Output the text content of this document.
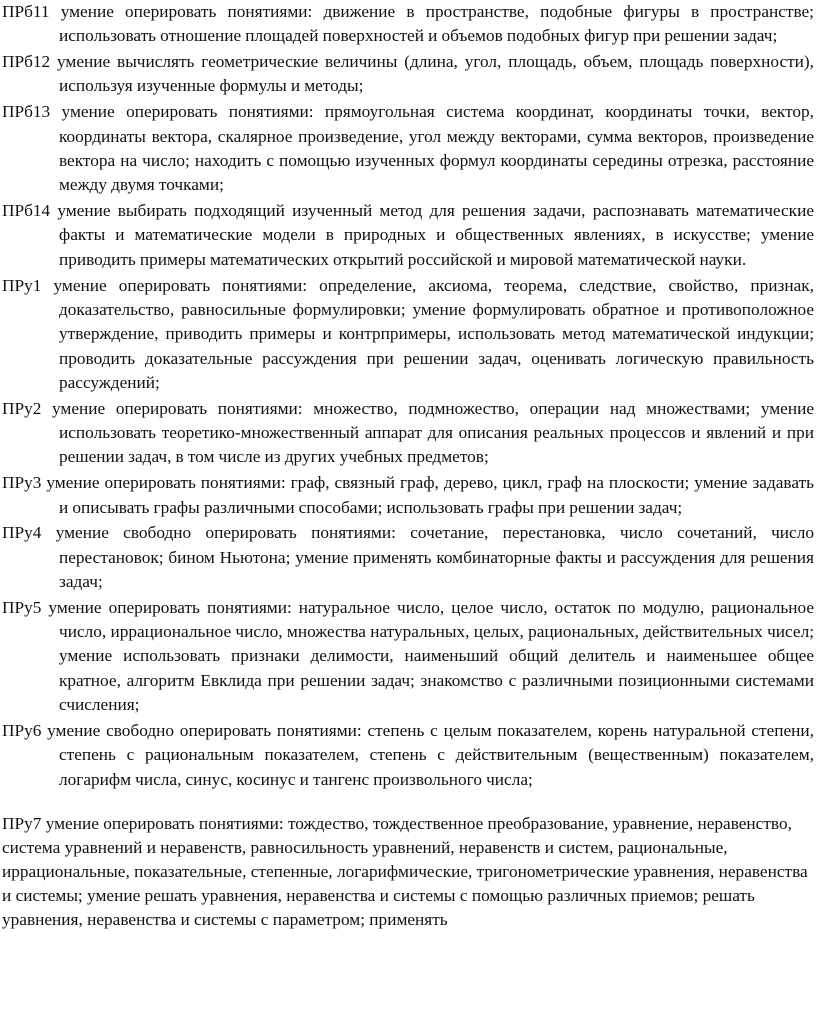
ПРб11 умение оперировать понятиями: движение в пространстве, подобные фигуры в пространстве; использовать отношение площадей поверхностей и объемов подобных фигур при решении задач;

ПРб12 умение вычислять геометрические величины (длина, угол, площадь, объем, площадь поверхности), используя изученные формулы и методы;

ПРб13 умение оперировать понятиями: прямоугольная система координат, координаты точки, вектор, координаты вектора, скалярное произведение, угол между векторами, сумма векторов, произведение вектора на число; находить с помощью изученных формул координаты середины отрезка, расстояние между двумя точками;

ПРб14 умение выбирать подходящий изученный метод для решения задачи, распознавать математические факты и математические модели в природных и общественных явлениях, в искусстве; умение приводить примеры математических открытий российской и мировой математической науки.

ПРу1 умение оперировать понятиями: определение, аксиома, теорема, следствие, свойство, признак, доказательство, равносильные формулировки; умение формулировать обратное и противоположное утверждение, приводить примеры и контрпримеры, использовать метод математической индукции; проводить доказательные рассуждения при решении задач, оценивать логическую правильность рассуждений;

ПРу2 умение оперировать понятиями: множество, подмножество, операции над множествами; умение использовать теоретико-множественный аппарат для описания реальных процессов и явлений и при решении задач, в том числе из других учебных предметов;

ПРу3 умение оперировать понятиями: граф, связный граф, дерево, цикл, граф на плоскости; умение задавать и описывать графы различными способами; использовать графы при решении задач;

ПРу4 умение свободно оперировать понятиями: сочетание, перестановка, число сочетаний, число перестановок; бином Ньютона; умение применять комбинаторные факты и рассуждения для решения задач;

ПРу5 умение оперировать понятиями: натуральное число, целое число, остаток по модулю, рациональное число, иррациональное число, множества натуральных, целых, рациональных, действительных чисел; умение использовать признаки делимости, наименьший общий делитель и наименьшее общее кратное, алгоритм Евклида при решении задач; знакомство с различными позиционными системами счисления;

ПРу6 умение свободно оперировать понятиями: степень с целым показателем, корень натуральной степени, степень с рациональным показателем, степень с действительным (вещественным) показателем, логарифм числа, синус, косинус и тангенс произвольного числа;

ПРу7 умение оперировать понятиями: тождество, тождественное преобразование, уравнение, неравенство, система уравнений и неравенств, равносильность уравнений, неравенств и систем, рациональные, иррациональные, показательные, степенные, логарифмические, тригонометрические уравнения, неравенства и системы; умение решать уравнения, неравенства и системы с помощью различных приемов; решать уравнения, неравенства и системы с параметром; применять
